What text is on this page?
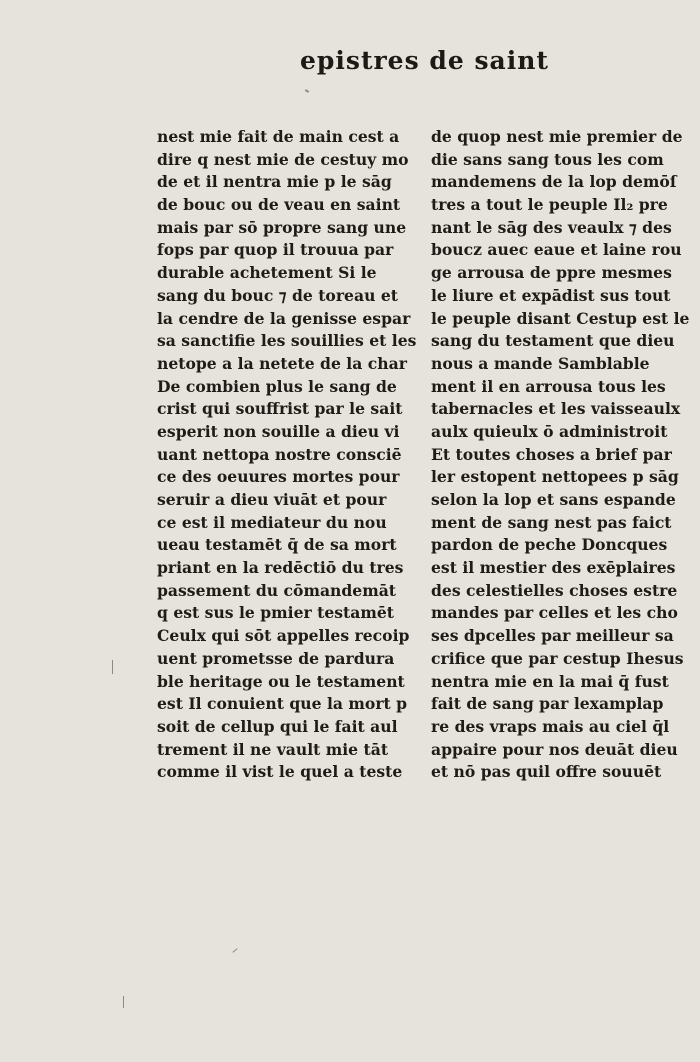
epistres de saint
nest mie fait de main cest a
dire q nest mie de cestuy mo
de et il nentra mie p le sāg
de bouc ou de veau en saint
mais par sō propre sang une
fops par quop il trouua par
durable achetement Si le
sang du bouc ⁊ de toreau et
la cendre de la genisse espar
sa sanctifie les souillies et les
netope a la netete de la char
De combien plus le sang de
crist qui souffrist par le sait
esperit non souille a dieu vi
uant nettopa nostre consciē
ce des oeuures mortes pour
seruir a dieu viuāt et pour
ce est il mediateur du nou
ueau testamēt q̄ de sa mort
priant en la redēctiō du tres
passement du cōmandemāt
q est sus le pmier testamēt
Ceulx qui sōt appelles recoip
uent prometsse de pardura
ble heritage ou le testament
est Il conuient que la mort p
soit de cellup qui le fait aul
trement il ne vault mie tāt
comme il vist le quel a teste
de quop nest mie premier de
die sans sang tous les com
mandemens de la lop demōſ
tres a tout le peuple Il₂ pre
nant le sāg des veaulx ⁊ des
boucz auec eaue et laine rou
ge arrousa de ppre mesmes
le liure et expādist sus tout
le peuple disant Cestup est le
sang du testament que dieu
nous a mande Samblable
ment il en arrousa tous les
tabernacles et les vaisseaulx
aulx quieulx ō administroit
Et toutes choses a brief par
ler estopent nettopees p sāg
selon la lop et sans espande
ment de sang nest pas faict
pardon de peche Doncques
est il mestier des exēplaires
des celestielles choses estre
mandes par celles et les cho
ses dpcelles par meilleur sa
crifice que par cestup Ihesus
nentra mie en la mai q̄ fust
fait de sang par lexamplap
re des vraps mais au ciel q̄l
appaire pour nos deuāt dieu
et nō pas quil offre souuēt
